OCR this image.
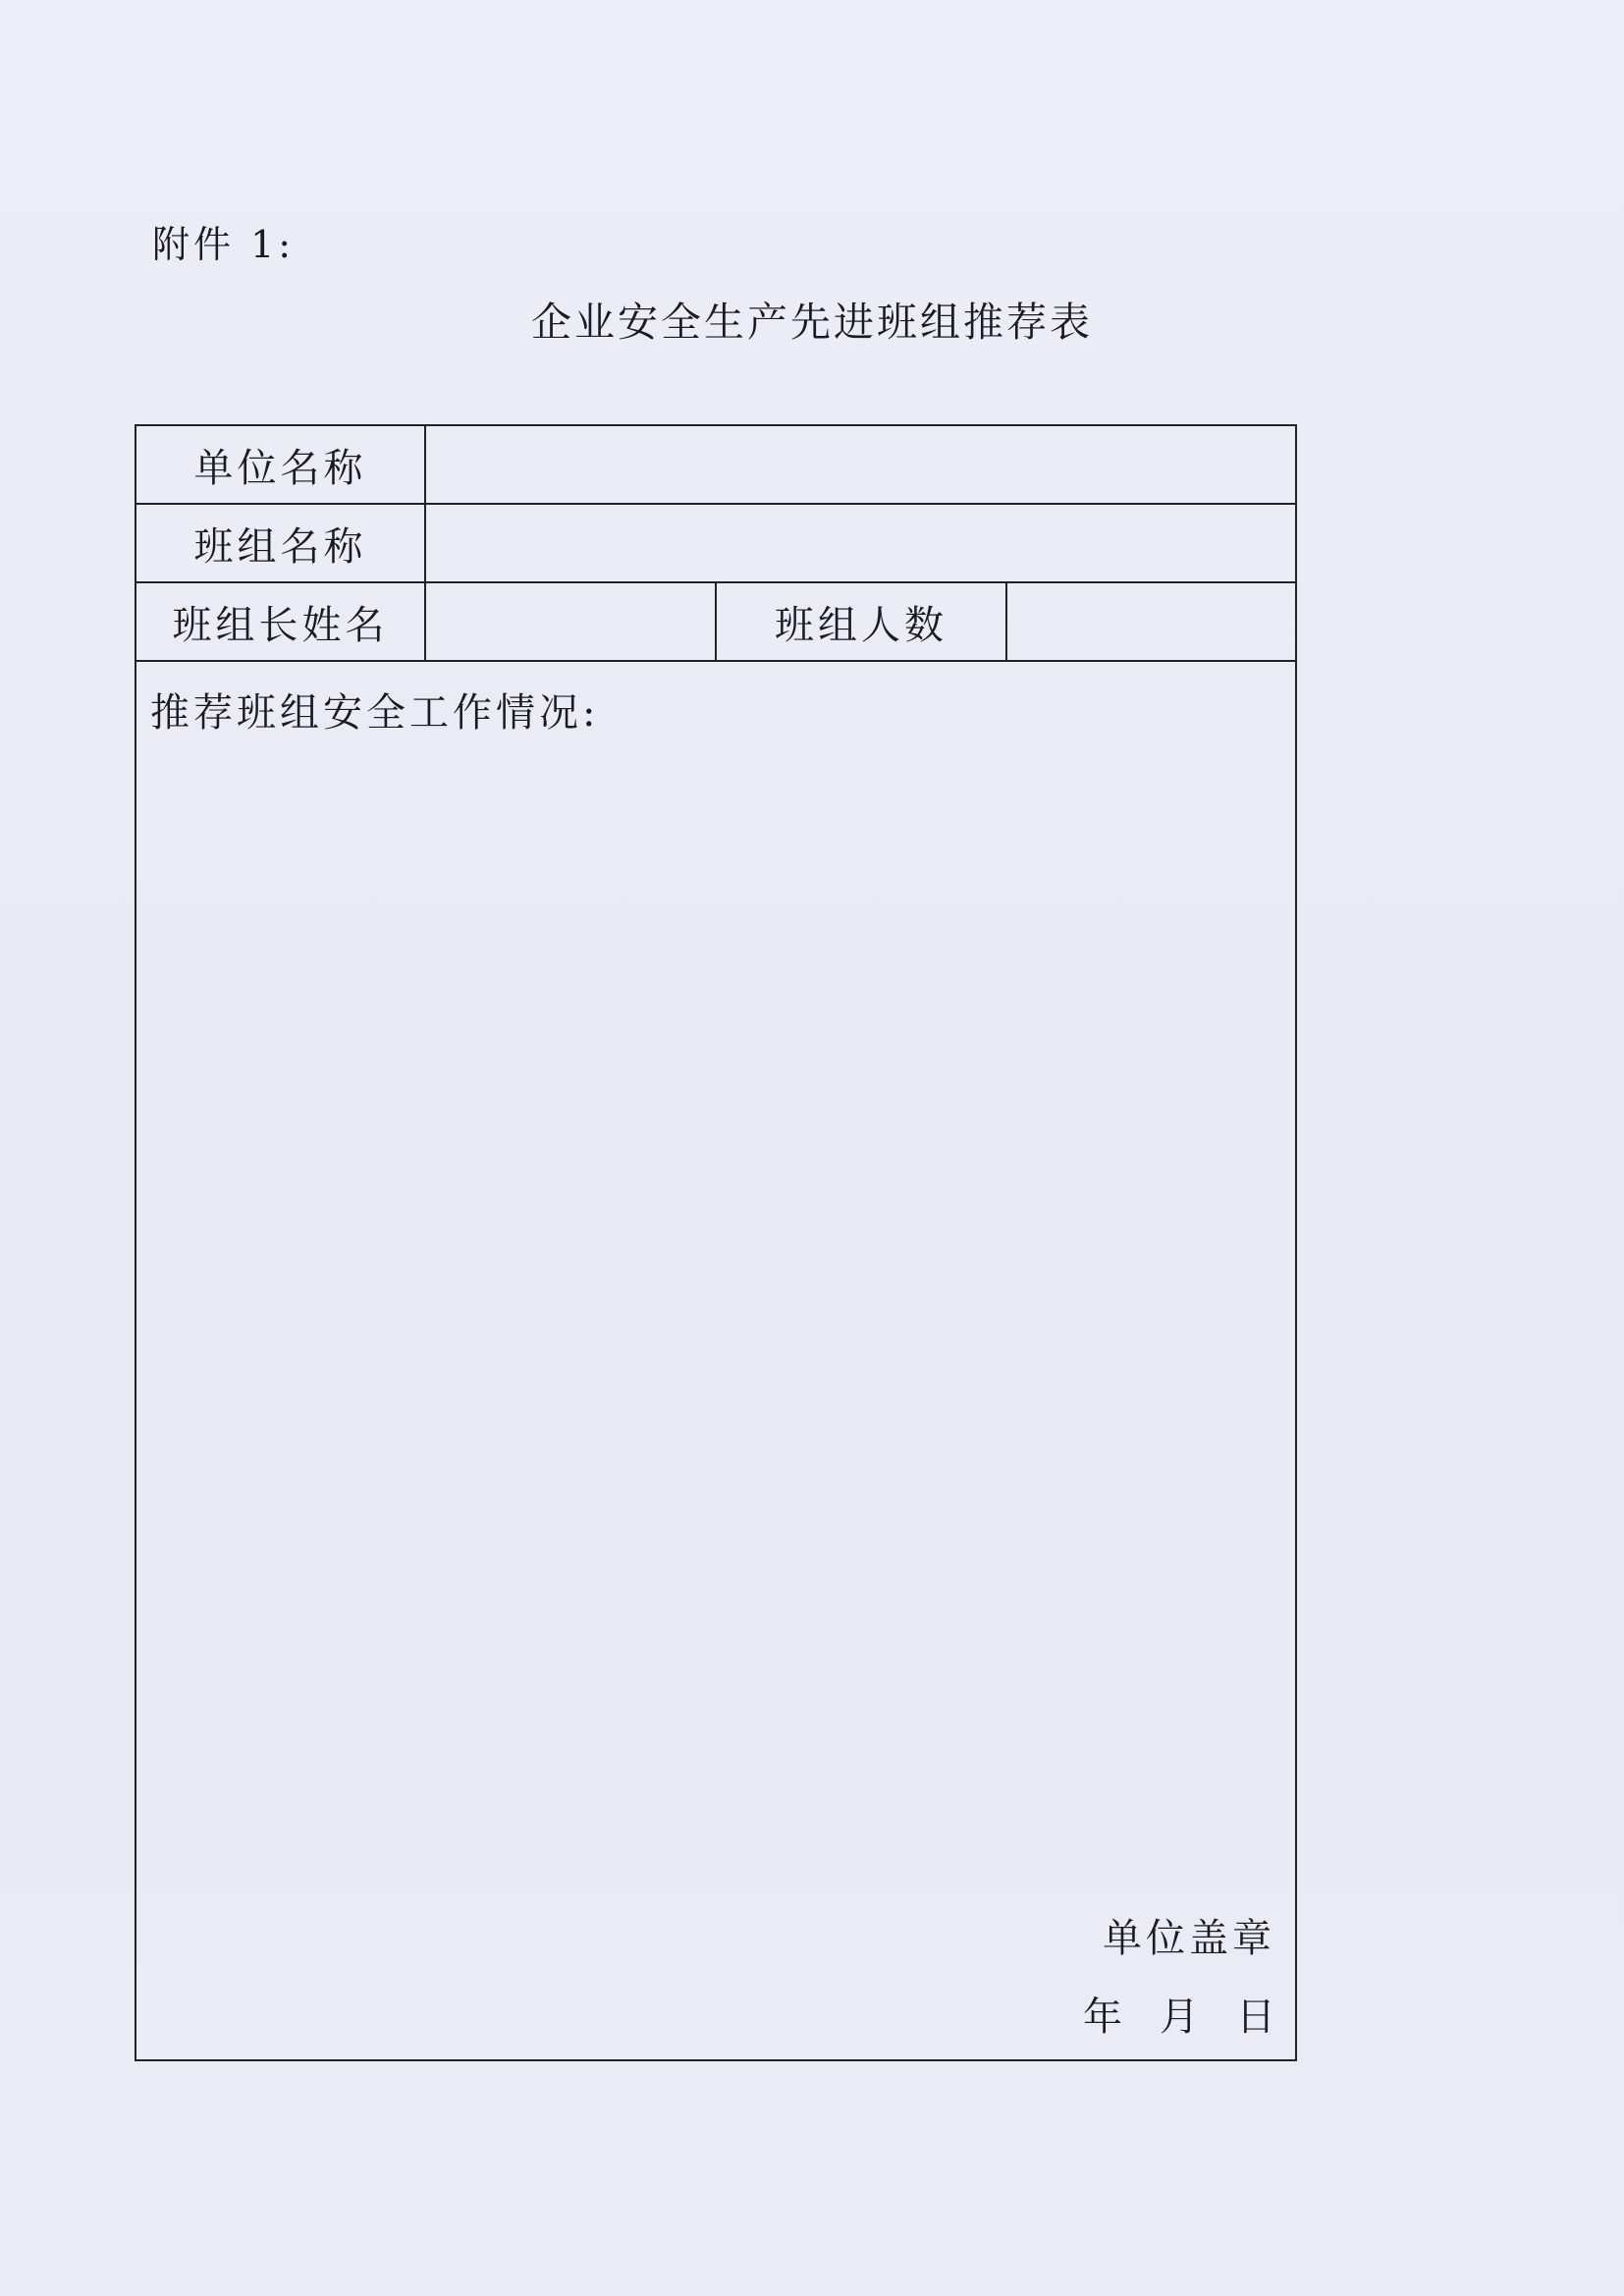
附件 1:
企业安全生产先进班组推荐表
单位名称
班组名称
班组长姓名	班组人数
推荐班组安全工作情况:
单位盖章
年 月 日
